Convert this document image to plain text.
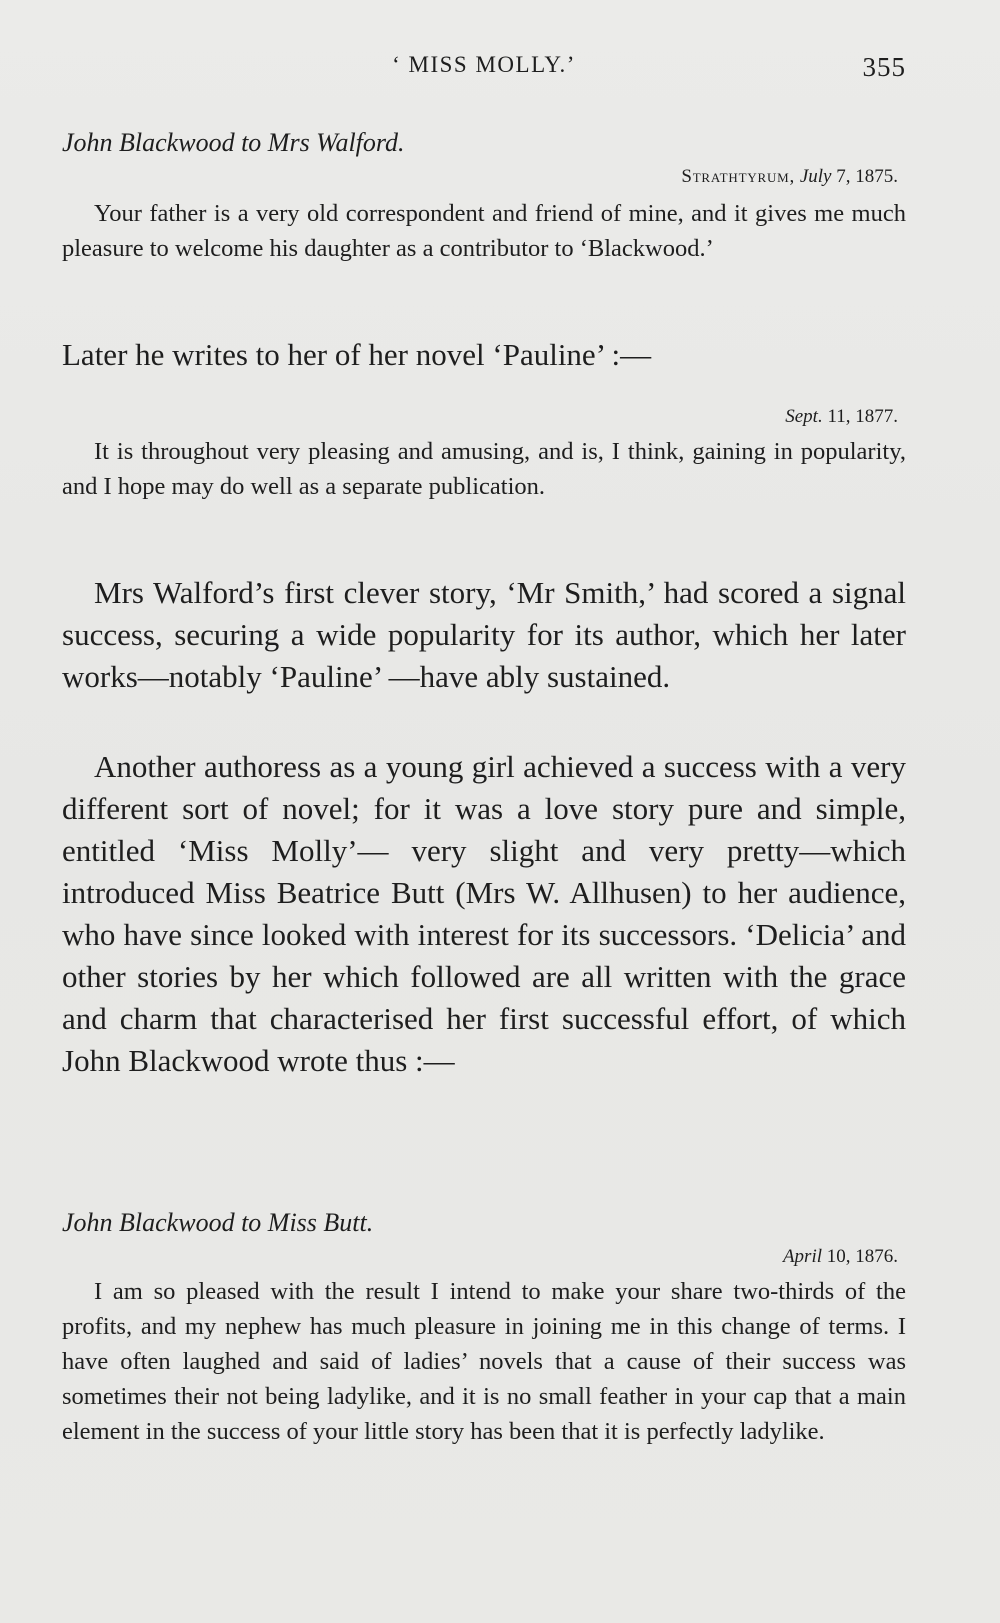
‘ MISS MOLLY.’	355
John Blackwood to Mrs Walford.
Strathtyrum, July 7, 1875.

Your father is a very old correspondent and friend of mine, and it gives me much pleasure to welcome his daughter as a contributor to ‘Blackwood.’

Later he writes to her of her novel ‘Pauline’ :—

Sept. 11, 1877.

It is throughout very pleasing and amusing, and is, I think, gaining in popularity, and I hope may do well as a separate publication.

Mrs Walford’s first clever story, ‘Mr Smith,’ had scored a signal success, securing a wide popularity for its author, which her later works—notably ‘Pauline’ —have ably sustained.

Another authoress as a young girl achieved a success with a very different sort of novel; for it was a love story pure and simple, entitled ‘Miss Molly’— very slight and very pretty—which introduced Miss Beatrice Butt (Mrs W. Allhusen) to her audience, who have since looked with interest for its successors. ‘Delicia’ and other stories by her which followed are all written with the grace and charm that characterised her first successful effort, of which John Blackwood wrote thus :—

John Blackwood to Miss Butt.
April 10, 1876.

I am so pleased with the result I intend to make your share two-thirds of the profits, and my nephew has much pleasure in joining me in this change of terms. I have often laughed and said of ladies’ novels that a cause of their success was sometimes their not being ladylike, and it is no small feather in your cap that a main element in the success of your little story has been that it is perfectly ladylike.
